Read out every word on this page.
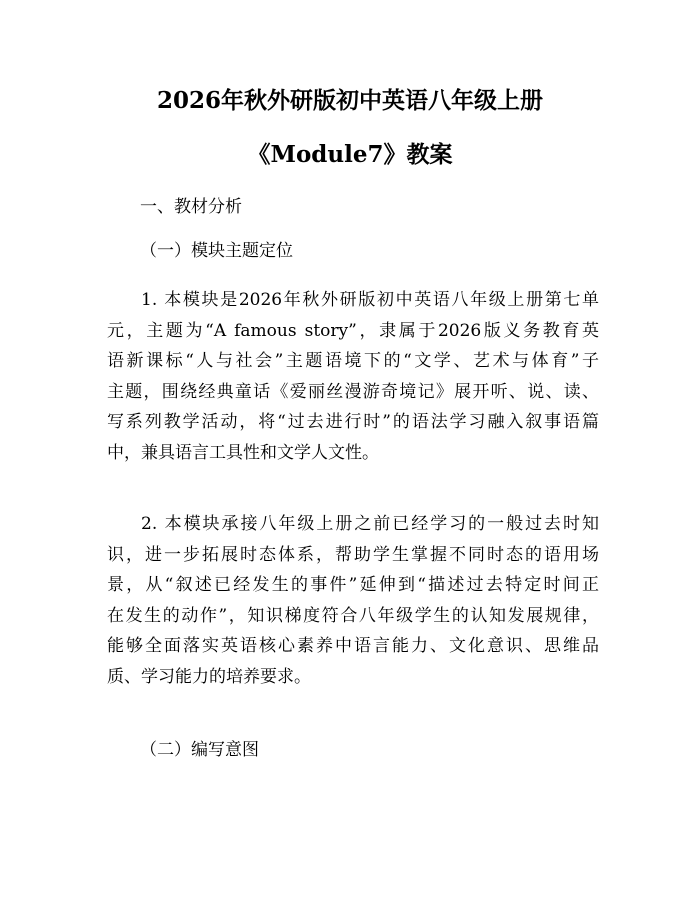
2026年秋外研版初中英语八年级上册
《Module7》教案
一、教材分析
（一）模块主题定位
1. 本模块是2026年秋外研版初中英语八年级上册第七单
元，主题为“A famous story”，隶属于2026版义务教育英
语新课标“人与社会”主题语境下的“文学、艺术与体育”子
主题，围绕经典童话《爱丽丝漫游奇境记》展开听、说、读、
写系列教学活动，将“过去进行时”的语法学习融入叙事语篇
中，兼具语言工具性和文学人文性。
2. 本模块承接八年级上册之前已经学习的一般过去时知
识，进一步拓展时态体系，帮助学生掌握不同时态的语用场
景，从“叙述已经发生的事件”延伸到“描述过去特定时间正
在发生的动作”，知识梯度符合八年级学生的认知发展规律，
能够全面落实英语核心素养中语言能力、文化意识、思维品
质、学习能力的培养要求。
（二）编写意图
